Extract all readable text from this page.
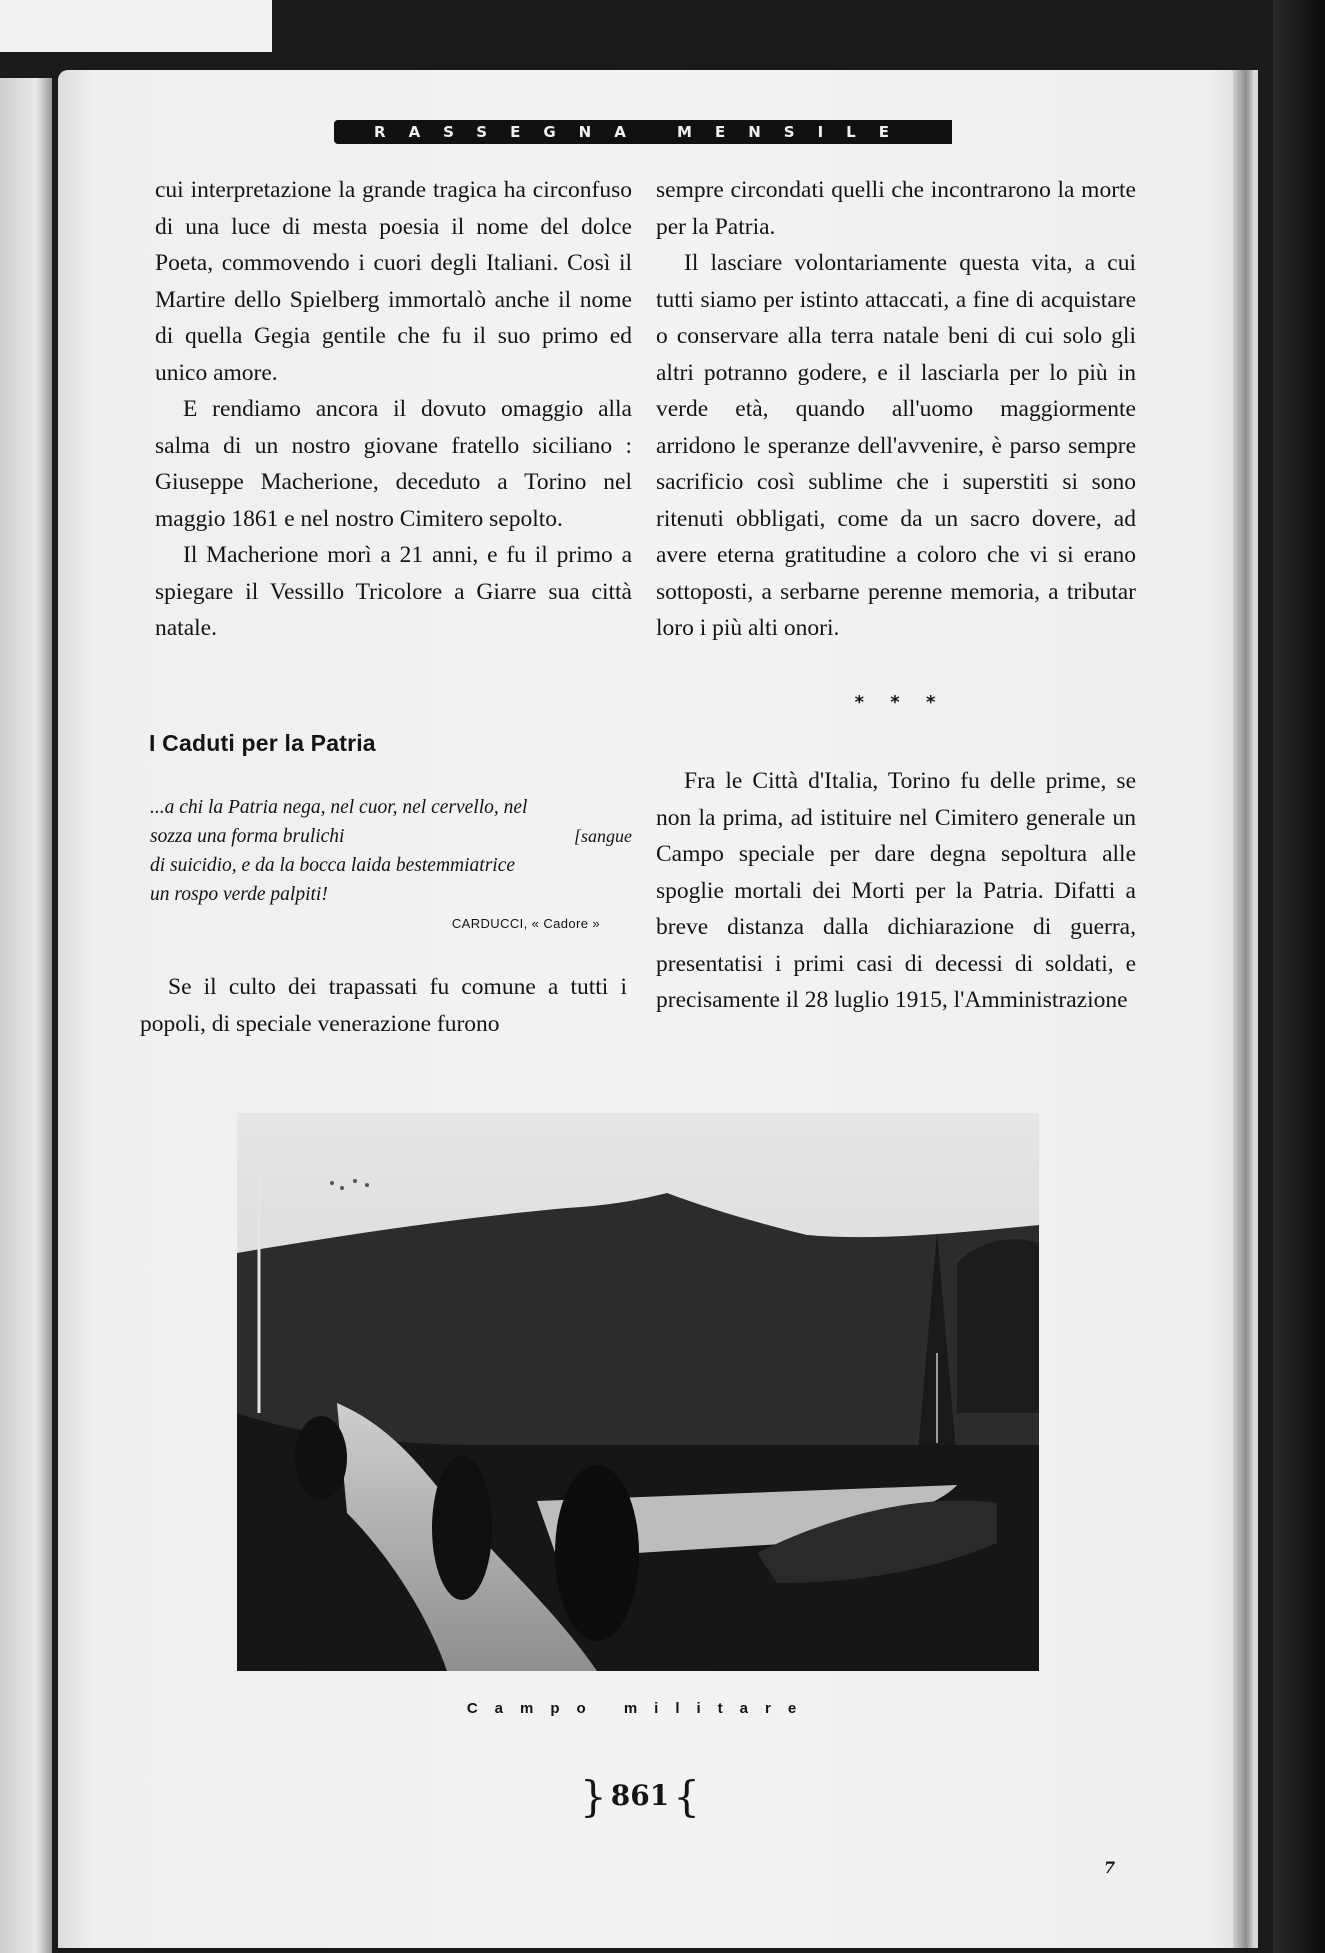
RASSEGNA MENSILE

cui interpretazione la grande tragica ha circonfuso di una luce di mesta poesia il nome del dolce Poeta, commovendo i cuori degli Italiani. Così il Martire dello Spielberg immortalò anche il nome di quella Gegia gentile che fu il suo primo ed unico amore.

E rendiamo ancora il dovuto omaggio alla salma di un nostro giovane fratello siciliano : Giuseppe Macherione, deceduto a Torino nel maggio 1861 e nel nostro Cimitero sepolto.

Il Macherione morì a 21 anni, e fu il primo a spiegare il Vessillo Tricolore a Giarre sua città natale.

I Caduti per la Patria
...a chi la Patria nega, nel cuor, nel cervello, nel
sozza una forma brulichi	[sangue
di suicidio, e da la bocca laida bestemmiatrice
un rospo verde palpiti!
CARDUCCI, « Cadore »

Se il culto dei trapassati fu comune a tutti i popoli, di speciale venerazione furono

sempre circondati quelli che incontrarono la morte per la Patria.

Il lasciare volontariamente questa vita, a cui tutti siamo per istinto attaccati, a fine di acquistare o conservare alla terra natale beni di cui solo gli altri potranno godere, e il lasciarla per lo più in verde età, quando all'uomo maggiormente arridono le speranze dell'avvenire, è parso sempre sacrificio così sublime che i superstiti si sono ritenuti obbligati, come da un sacro dovere, ad avere eterna gratitudine a coloro che vi si erano sottoposti, a serbarne perenne memoria, a tributar loro i più alti onori.

* * *

Fra le Città d'Italia, Torino fu delle prime, se non la prima, ad istituire nel Cimitero generale un Campo speciale per dare degna sepoltura alle spoglie mortali dei Morti per la Patria. Difatti a breve distanza dalla dichiarazione di guerra, presentatisi i primi casi di decessi di soldati, e precisamente il 28 luglio 1915, l'Amministrazione

Campo militare
} 861{
7
